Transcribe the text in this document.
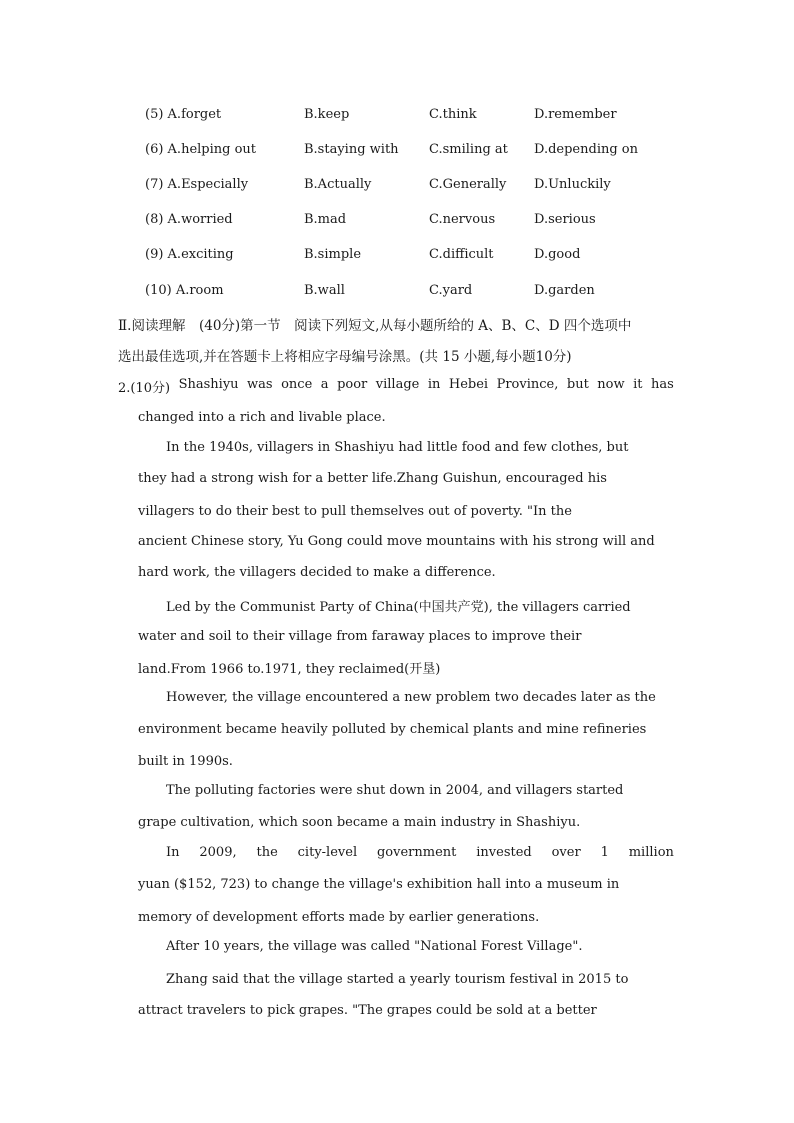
(5) A.forget	B.keep	C.think	D.remember
(6) A.helping out	B.staying with C.smiling at D.depending on
(7) A.Especially	B.Actually	C.Generally D.Unluckily
(8) A.worried	B.mad	C.nervous	D.serious
(9) A.exciting	B.simple	C.difficult	D.good
(10) A.room	B.wall	C.yard	D.garden
Ⅱ.阅读理解　(40分)第一节　阅读下列短文,从每小题所给的 A、B、C、D 四个选项中
选出最佳选项,并在答题卡上将相应字母编号涂黑。(共 15 小题,每小题10分)
2.(10分) Shashiyu was once a poor village in Hebei Province, but now it has
changed into a rich and livable place.
In the 1940s, villagers in Shashiyu had little food and few clothes, but
they had a strong wish for a better life.Zhang Guishun, encouraged his
villagers to do their best to pull themselves out of poverty. "In the
ancient Chinese story, Yu Gong could move mountains with his strong will and
hard work, the villagers decided to make a difference.
Led by the Communist Party of China(中国共产党), the villagers carried
water and soil to their village from faraway places to improve their
land.From 1966 to.1971, they reclaimed(开垦)
However, the village encountered a new problem two decades later as the
environment became heavily polluted by chemical plants and mine refineries
built in 1990s.
The polluting factories were shut down in 2004, and villagers started
grape cultivation, which soon became a main industry in Shashiyu.
In 2009, the city-level government invested over 1 million
yuan ($152, 723) to change the village's exhibition hall into a museum in
memory of development efforts made by earlier generations.
After 10 years, the village was called "National Forest Village".
Zhang said that the village started a yearly tourism festival in 2015 to
attract travelers to pick grapes. "The grapes could be sold at a better
